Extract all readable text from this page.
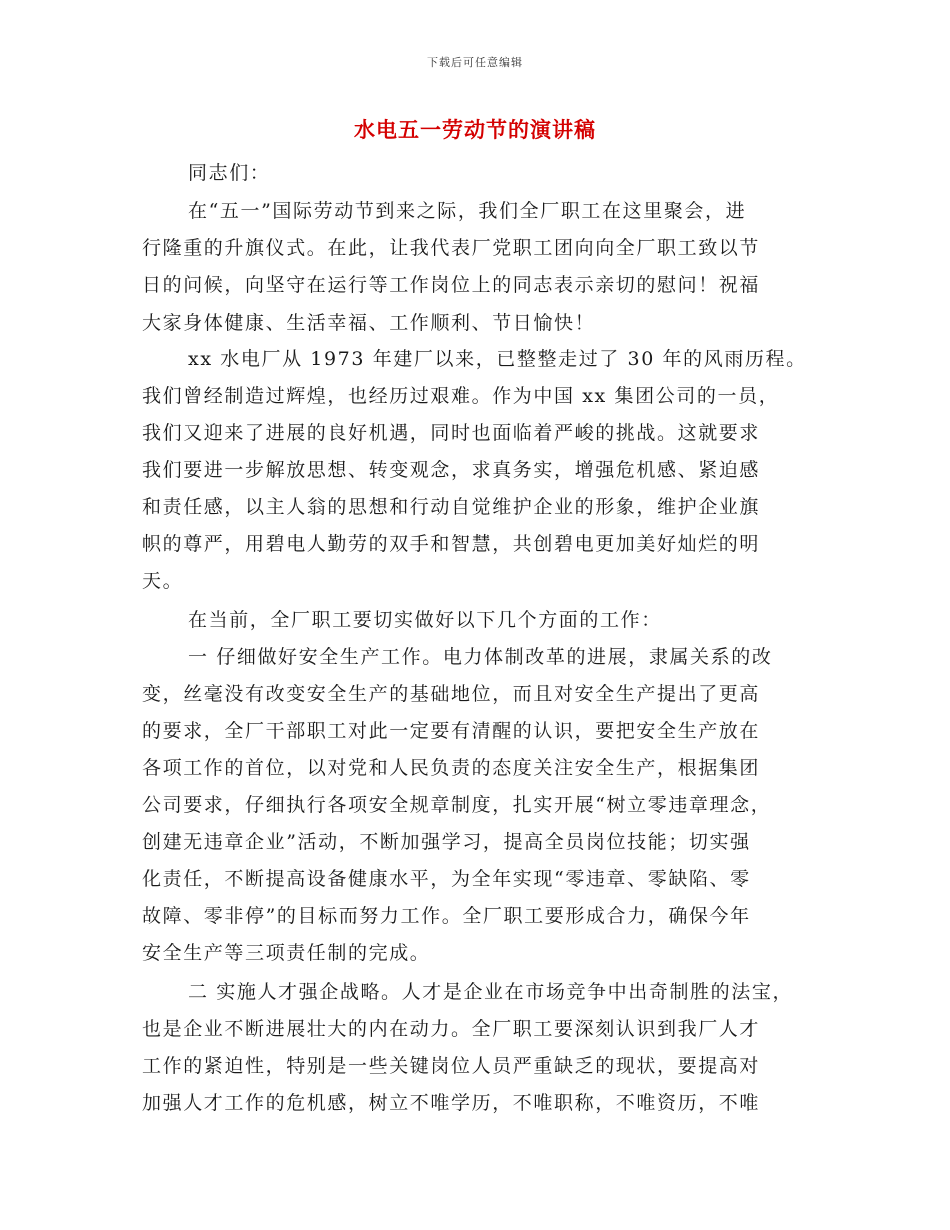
下载后可任意编辑
水电五一劳动节的演讲稿

同志们：

在“五一”国际劳动节到来之际，我们全厂职工在这里聚会，进

行隆重的升旗仪式。在此，让我代表厂党职工团向向全厂职工致以节

日的问候，向坚守在运行等工作岗位上的同志表示亲切的慰问！祝福

大家身体健康、生活幸福、工作顺利、节日愉快！

xx 水电厂从 1973 年建厂以来，已整整走过了 30 年的风雨历程。

我们曾经制造过辉煌，也经历过艰难。作为中国 xx 集团公司的一员，

我们又迎来了进展的良好机遇，同时也面临着严峻的挑战。这就要求

我们要进一步解放思想、转变观念，求真务实，增强危机感、紧迫感

和责任感，以主人翁的思想和行动自觉维护企业的形象，维护企业旗

帜的尊严，用碧电人勤劳的双手和智慧，共创碧电更加美好灿烂的明

天。

在当前，全厂职工要切实做好以下几个方面的工作：

一 仔细做好安全生产工作。电力体制改革的进展，隶属关系的改

变，丝毫没有改变安全生产的基础地位，而且对安全生产提出了更高

的要求，全厂干部职工对此一定要有清醒的认识，要把安全生产放在

各项工作的首位，以对党和人民负责的态度关注安全生产，根据集团

公司要求，仔细执行各项安全规章制度，扎实开展“树立零违章理念，

创建无违章企业”活动，不断加强学习，提高全员岗位技能；切实强

化责任，不断提高设备健康水平，为全年实现“零违章、零缺陷、零

故障、零非停”的目标而努力工作。全厂职工要形成合力，确保今年

安全生产等三项责任制的完成。

二 实施人才强企战略。人才是企业在市场竞争中出奇制胜的法宝，

也是企业不断进展壮大的内在动力。全厂职工要深刻认识到我厂人才

工作的紧迫性，特别是一些关键岗位人员严重缺乏的现状，要提高对

加强人才工作的危机感，树立不唯学历，不唯职称，不唯资历，不唯
